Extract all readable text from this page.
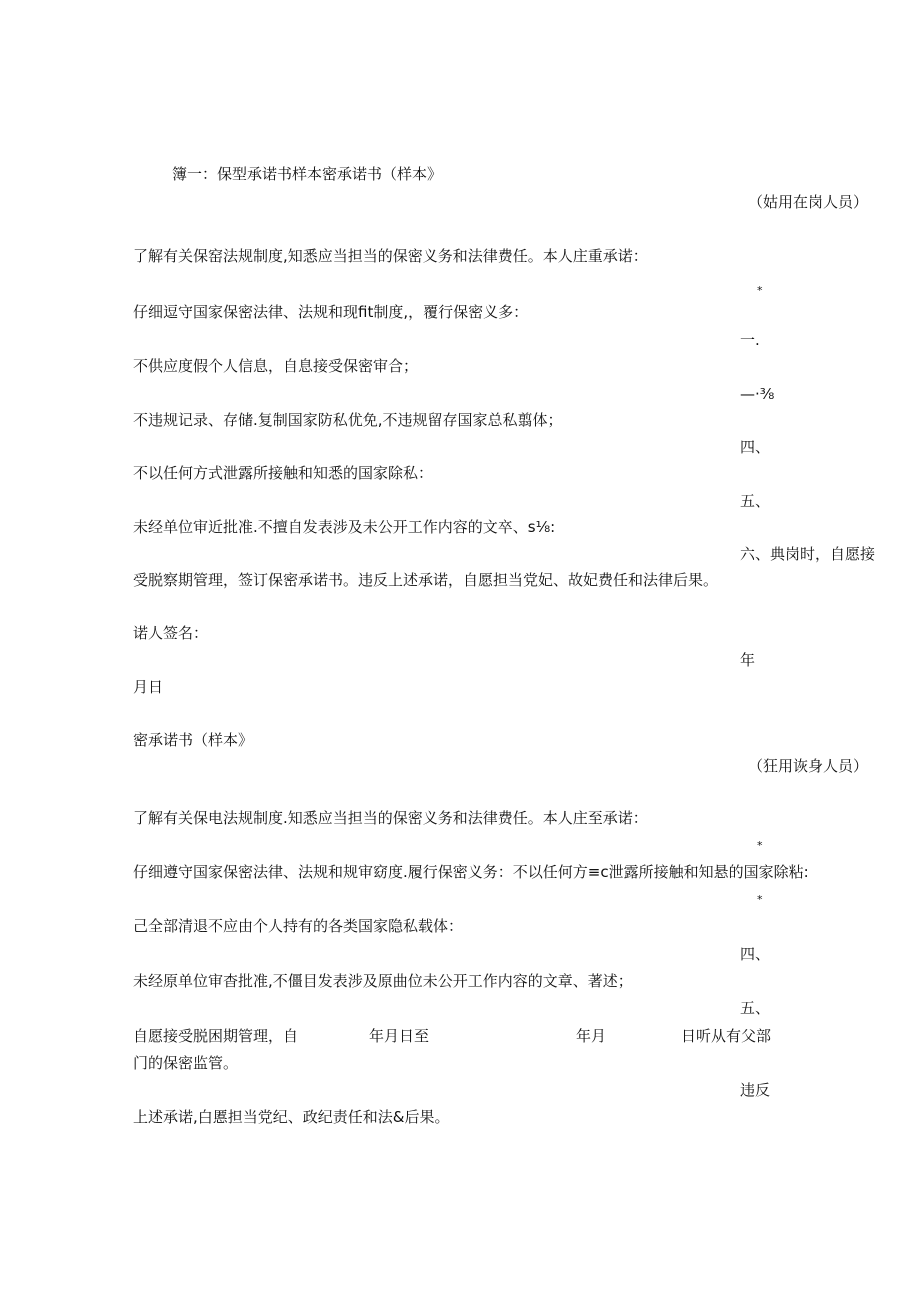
簿一：保型承诺书样本密承诺书（样本》

（姑用在岗人员）

了解有关保窑法规制度,知悉应当担当的保密义务和法律费任。本人庄重承诺：

*

仔细逗守国家保密法律、法规和现fit制度,，覆行保密义多：

一.

不供应度假个人信息，自息接受保密审合；

—·⅜

不违规记录、存储.复制国家防私优免,不违规留存国家总私翦体；

四、

不以任何方式泄露所接触和知悉的国家除私：

五、

未经单位审近批准.不擅自发表涉及未公开工作内容的文卒、s⅛:

六、典岗时，自愿接

受脱察期管理，签订保密承诺书。违反上述承诺，自愿担当党妃、故妃费任和法律后果。

诺人签名：

年

月日

密承诺书（样本》

（狂用诙身人员）

了解有关保电法规制度.知悉应当担当的保密义务和法律费任。本人庄至承诺：

*

仔细遵守国家保密法律、法规和规审窈度.履行保密义务：不以任何方≡c泄露所接触和知悬的国家除粘:

*

己全部清退不应由个人持有的各类国家隐私载体：

四、

未经原单位审杳批准,不僵目发表涉及原曲位未公开工作内容的文章、著述；

五、

自愿接受脱困期管理，自	年月日至	年月	日听从有父部

门的保密监管。

违反

上述承诺,白慝担当党纪、政纪责任和法&后果。
